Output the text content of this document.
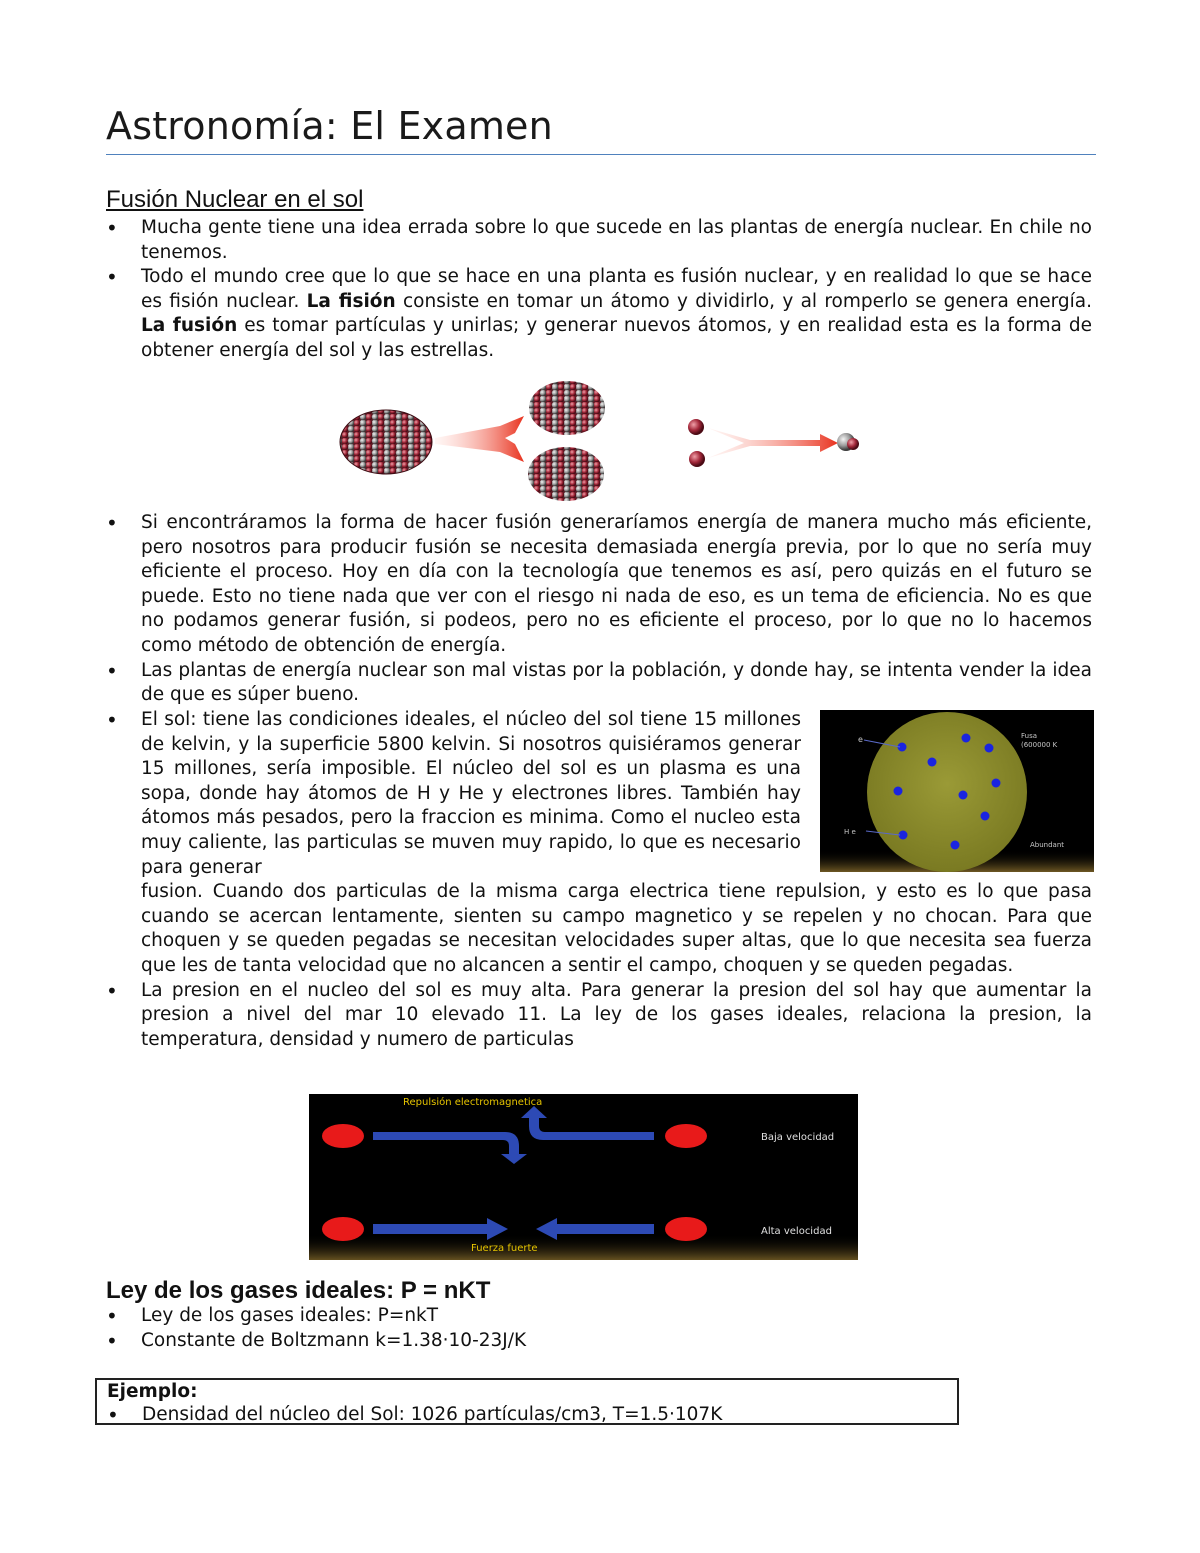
Astronomía: El Examen
Fusión Nuclear en el sol
• Mucha gente tiene una idea errada sobre lo que sucede en las plantas de energía nuclear. En chile no tenemos.
• Todo el mundo cree que lo que se hace en una planta es fusión nuclear, y en realidad lo que se hace es fisión nuclear. La fisión consiste en tomar un átomo y dividirlo, y al romperlo se genera energía. La fusión es tomar partículas y unirlas; y generar nuevos átomos, y en realidad esta es la forma de obtener energía del sol y las estrellas.
• Si encontráramos la forma de hacer fusión generaríamos energía de manera mucho más eficiente, pero nosotros para producir fusión se necesita demasiada energía previa, por lo que no sería muy eficiente el proceso. Hoy en día con la tecnología que tenemos es así, pero quizás en el futuro se puede. Esto no tiene nada que ver con el riesgo ni nada de eso, es un tema de eficiencia. No es que no podamos generar fusión, si podeos, pero no es eficiente el proceso, por lo que no lo hacemos como método de obtención de energía.
• Las plantas de energía nuclear son mal vistas por la población, y donde hay, se intenta vender la idea de que es súper bueno.
e	Fusa
(600000 K
H e
Abundant
• El sol: tiene las condiciones ideales, el núcleo del sol tiene 15 millones de kelvin, y la superficie 5800 kelvin. Si nosotros quisiéramos generar 15 millones, sería imposible. El núcleo del sol es un plasma es una sopa, donde hay átomos de H y He y electrones libres. También hay átomos más pesados, pero la fraccion es minima. Como el nucleo esta muy caliente, las particulas se muven muy rapido, lo que es necesario para generar
fusion. Cuando dos particulas de la misma carga electrica tiene repulsion, y esto es lo que pasa cuando se acercan lentamente, sienten su campo magnetico y se repelen y no chocan. Para que choquen y se queden pegadas se necesitan velocidades super altas, que lo que necesita sea fuerza que les de tanta velocidad que no alcancen a sentir el campo, choquen y se queden pegadas.
• La presion en el nucleo del sol es muy alta. Para generar la presion del sol hay que aumentar la presion a nivel del mar 10 elevado 11. La ley de los gases ideales, relaciona la presion, la temperatura, densidad y numero de particulas
Repulsión electromagnetica
Baja velocidad
Alta velocidad
Fuerza fuerte
Ley de los gases ideales: P = nKT
• Ley de los gases ideales: P=nkT
• Constante de Boltzmann k=1.38·10-23J/K
Ejemplo:
• Densidad del núcleo del Sol: 1026 partículas/cm3, T=1.5·107K
